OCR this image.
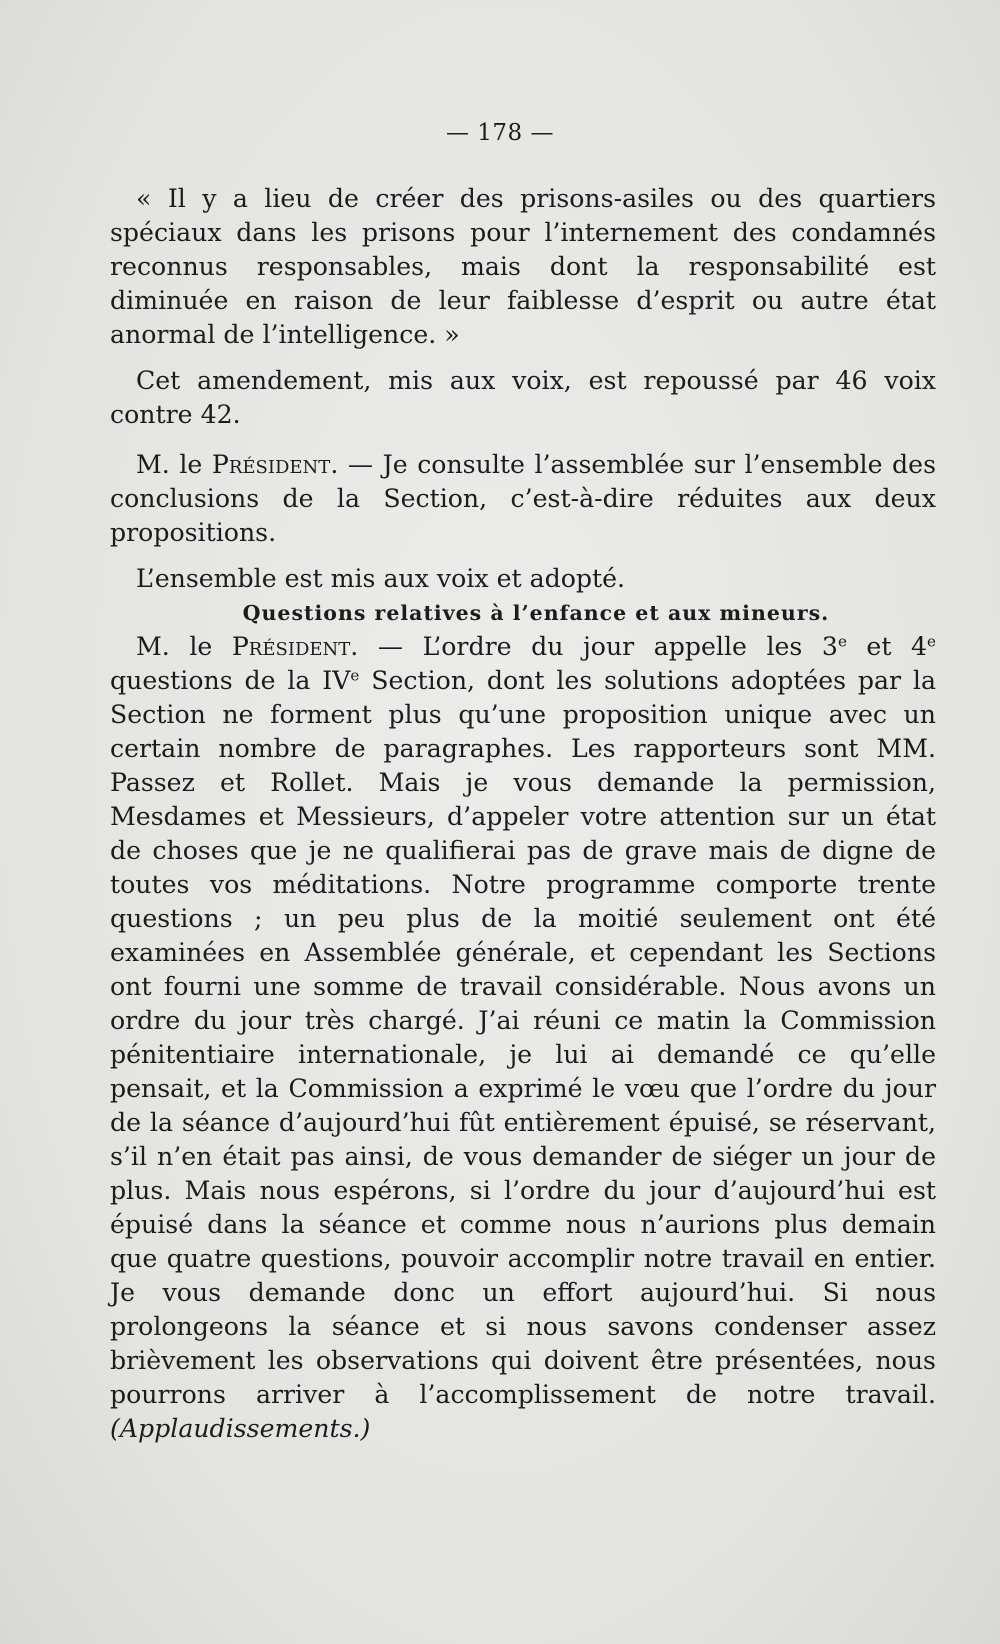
— 178 —

« Il y a lieu de créer des prisons-asiles ou des quartiers spéciaux dans les prisons pour l’internement des condamnés reconnus responsables, mais dont la responsabilité est diminuée en raison de leur faiblesse d’esprit ou autre état anormal de l’intelligence. »

Cet amendement, mis aux voix, est repoussé par 46 voix contre 42.

M. le Président. — Je consulte l’assemblée sur l’ensemble des conclusions de la Section, c’est-à-dire réduites aux deux propositions.

L’ensemble est mis aux voix et adopté.

Questions relatives à l’enfance et aux mineurs.

M. le Président. — L’ordre du jour appelle les 3e et 4e questions de la IVe Section, dont les solutions adoptées par la Section ne forment plus qu’une proposition unique avec un certain nombre de paragraphes. Les rapporteurs sont MM. Passez et Rollet. Mais je vous demande la permission, Mesdames et Messieurs, d’appeler votre attention sur un état de choses que je ne qualifierai pas de grave mais de digne de toutes vos méditations. Notre programme comporte trente questions ; un peu plus de la moitié seulement ont été examinées en Assemblée générale, et cependant les Sections ont fourni une somme de travail considérable. Nous avons un ordre du jour très chargé. J’ai réuni ce matin la Commission pénitentiaire internationale, je lui ai demandé ce qu’elle pensait, et la Commission a exprimé le vœu que l’ordre du jour de la séance d’aujourd’hui fût entièrement épuisé, se réservant, s’il n’en était pas ainsi, de vous demander de siéger un jour de plus. Mais nous espérons, si l’ordre du jour d’aujourd’hui est épuisé dans la séance et comme nous n’aurions plus demain que quatre questions, pouvoir accomplir notre travail en entier. Je vous demande donc un effort aujourd’hui. Si nous prolongeons la séance et si nous savons condenser assez brièvement les observations qui doivent être présentées, nous pourrons arriver à l’accomplissement de notre travail. (Applaudissements.)
